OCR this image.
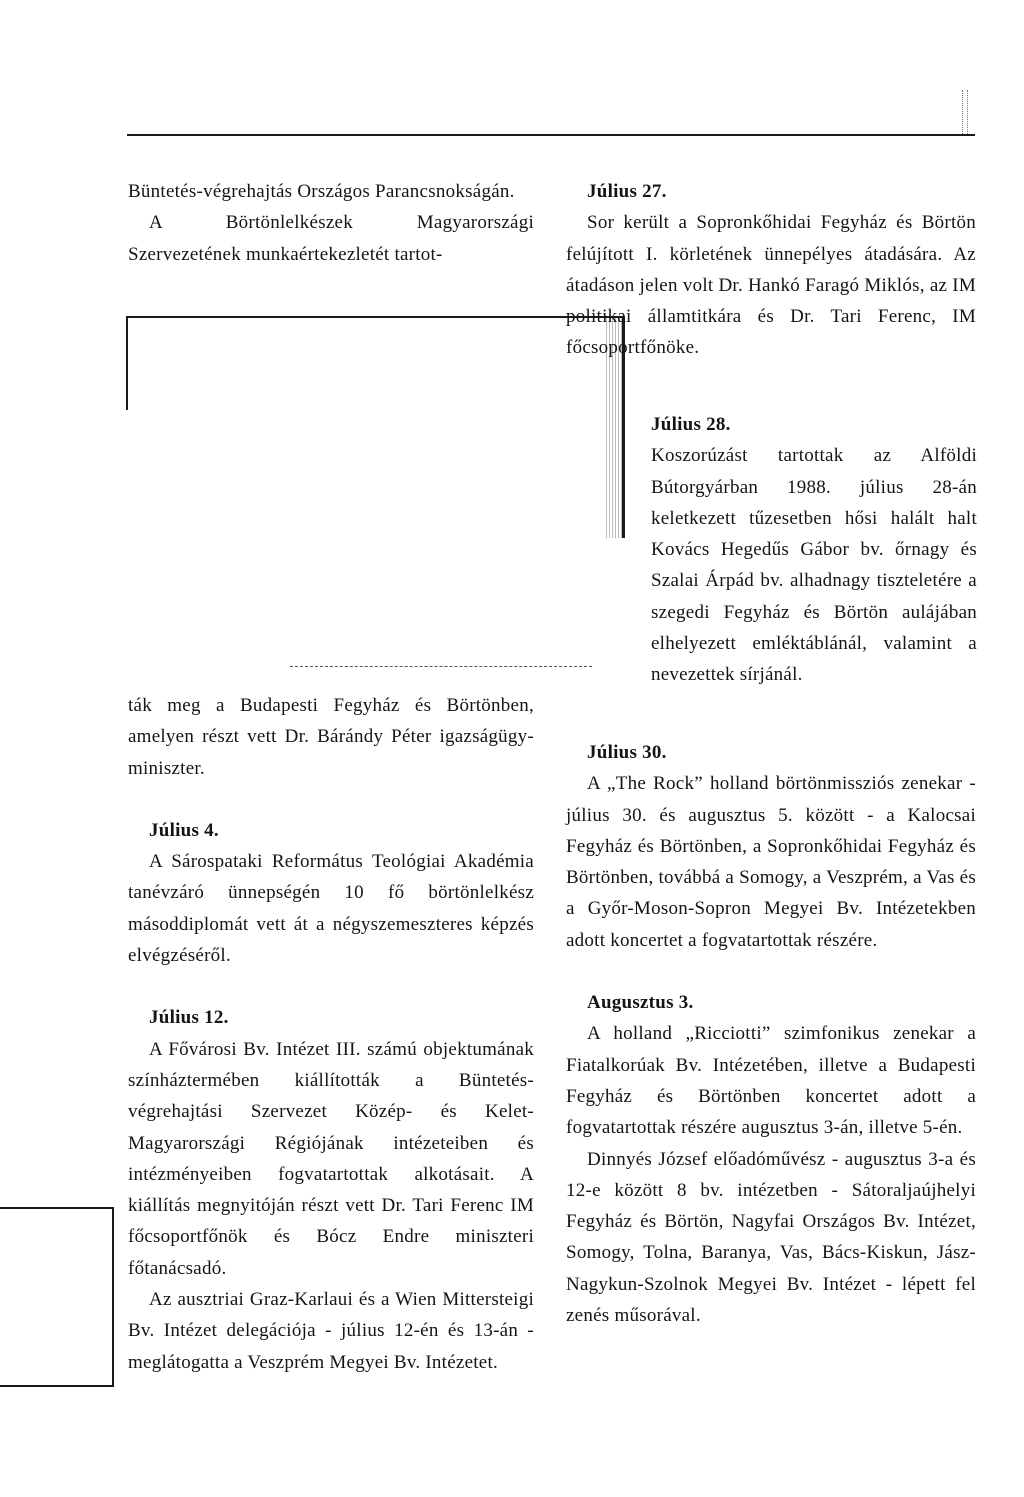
Büntetés-végrehajtás Országos Parancsnokságán.

A Börtönlelkészek Magyarországi Szervezetének munkaértekezletét tartot-

ták meg a Budapesti Fegyház és Börtönben, amelyen részt vett Dr. Bárándy Péter igazságügy-miniszter.

Július 4.

A Sárospataki Református Teológiai Akadémia tanévzáró ünnepségén 10 fő börtönlelkész másoddiplomát vett át a négyszemeszteres képzés elvégzéséről.

Július 12.

A Fővárosi Bv. Intézet III. számú objektumának színháztermében kiállították a Büntetés-végrehajtási Szervezet Közép- és Kelet-Magyarországi Régiójának intézeteiben és intézményeiben fogvatartottak alkotásait. A kiállítás megnyitóján részt vett Dr. Tari Ferenc IM főcsoportfőnök és Bócz Endre miniszteri főtanácsadó.

Az ausztriai Graz-Karlaui és a Wien Mittersteigi Bv. Intézet delegációja - július 12-én és 13-án - meglátogatta a Veszprém Megyei Bv. Intézetet.

Július 27.

Sor került a Sopronkőhidai Fegyház és Börtön felújított I. körletének ünnepélyes átadására. Az átadáson jelen volt Dr. Hankó Faragó Miklós, az IM politikai államtitkára és Dr. Tari Ferenc, IM főcsoportfőnöke.

Július 28.

Koszorúzást tartottak az Alföldi Bútorgyárban 1988. július 28-án keletkezett tűzesetben hősi halált halt Kovács Hegedűs Gábor bv. őrnagy és Szalai Árpád bv. alhadnagy tiszteletére a szegedi Fegyház és Börtön aulájában elhelyezett emléktáblánál, valamint a nevezettek sírjánál.

Július 30.

A „The Rock” holland börtönmissziós zenekar - július 30. és augusztus 5. között - a Kalocsai Fegyház és Börtönben, a Sopronkőhidai Fegyház és Börtönben, továbbá a Somogy, a Veszprém, a Vas és a Győr-Moson-Sopron Megyei Bv. Intézetekben adott koncertet a fogvatartottak részére.

Augusztus 3.

A holland „Ricciotti” szimfonikus zenekar a Fiatalkorúak Bv. Intézetében, illetve a Budapesti Fegyház és Börtönben koncertet adott a fogvatartottak részére augusztus 3-án, illetve 5-én.

Dinnyés József előadóművész - augusztus 3-a és 12-e között 8 bv. intézetben - Sátoraljaújhelyi Fegyház és Börtön, Nagyfai Országos Bv. Intézet, Somogy, Tolna, Baranya, Vas, Bács-Kiskun, Jász-Nagykun-Szolnok Megyei Bv. Intézet - lépett fel zenés műsorával.
